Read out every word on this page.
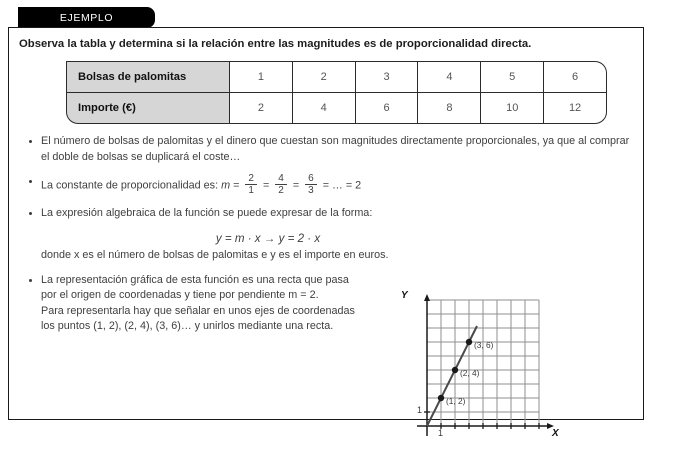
EJEMPLO
Observa la tabla y determina si la relación entre las magnitudes es de proporcionalidad directa.
Bolsas de palomitas	1	2	3	4	5	6
Importe (€)	2	4	6	8	10	12
El número de bolsas de palomitas y el dinero que cuestan son magnitudes directamente proporcionales, ya que al comprar el doble de bolsas se duplicará el coste…
La constante de proporcionalidad es: $m = \frac{2}{1} = \frac{4}{2} = \frac{6}{3}$ = … = 2
La expresión algebraica de la función se puede expresar de la forma:
y = m · x → y = 2 · x
donde x es el número de bolsas de palomitas e y es el importe en euros.
La representación gráfica de esta función es una recta que pasa
por el origen de coordenadas y tiene por pendiente m = 2.
Para representarla hay que señalar en unos ejes de coordenadas
los puntos (1, 2), (2, 4), (3, 6)… y unirlos mediante una recta.
Y
X
1
1
(1, 2)
(2, 4)
(3, 6)
